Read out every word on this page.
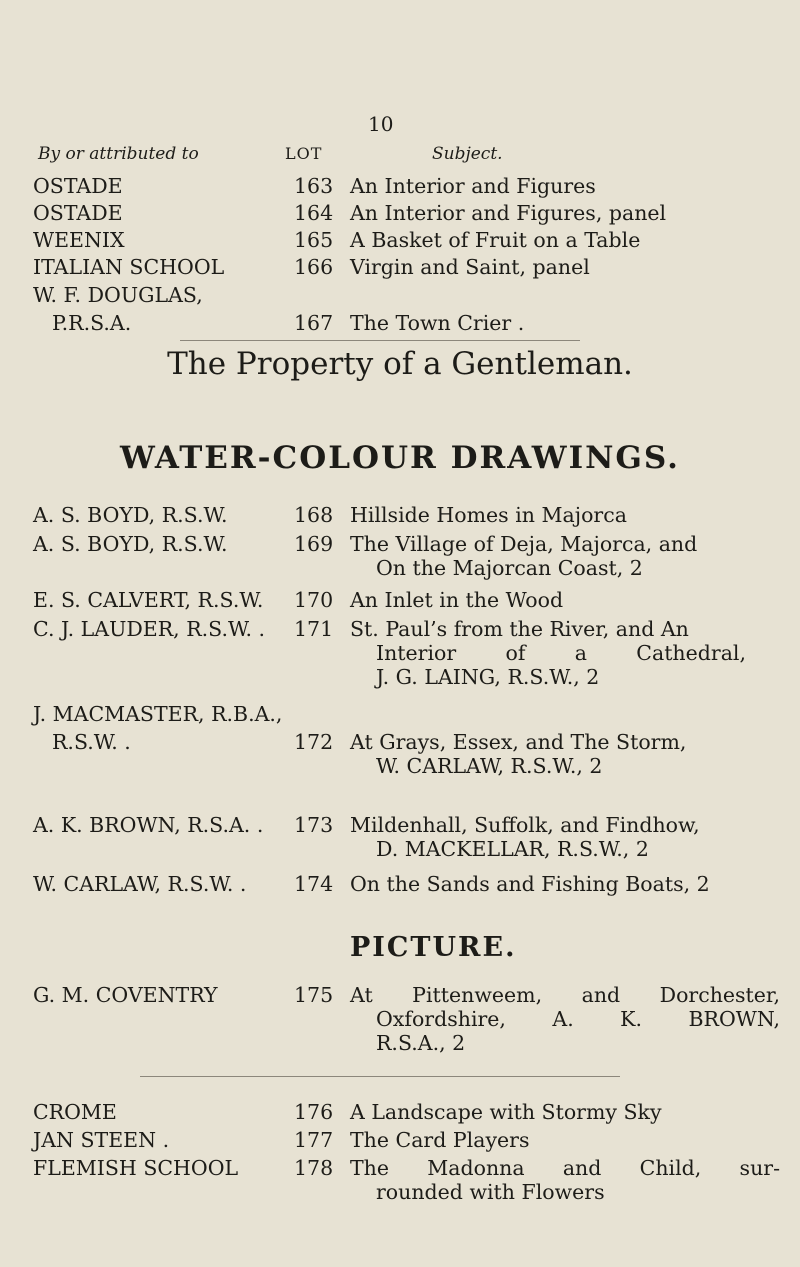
10
By or attributed to	LOT	Subject.
OSTADE	163 An Interior and Figures
OSTADE	164 An Interior and Figures, panel
WEENIX	165 A Basket of Fruit on a Table
ITALIAN SCHOOL	166 Virgin and Saint, panel
W. F. DOUGLAS,
P.R.S.A.	167 The Town Crier .
The Property of a Gentleman.
WATER-COLOUR DRAWINGS.
A. S. BOYD, R.S.W.	168 Hillside Homes in Majorca
A. S. BOYD, R.S.W.	169 The Village of Deja, Majorca, and
On the Majorcan Coast, 2
E. S. CALVERT, R.S.W. 170 An Inlet in the Wood
C. J. LAUDER, R.S.W. . 171 St. Paul’s from the River, and An
Interior of a Cathedral,
J. G. LAING, R.S.W., 2
J. MACMASTER, R.B.A.,
R.S.W. .	172 At Grays, Essex, and The Storm,
W. CARLAW, R.S.W., 2
A. K. BROWN, R.S.A. . 173 Mildenhall, Suffolk, and Findhow,
D. MACKELLAR, R.S.W., 2
W. CARLAW, R.S.W. . 174 On the Sands and Fishing Boats, 2
PICTURE.
G. M. COVENTRY	175 At Pittenweem, and Dorchester,
Oxfordshire, A. K. BROWN,
R.S.A., 2
CROME	176 A Landscape with Stormy Sky
JAN STEEN .	177 The Card Players
FLEMISH SCHOOL	178 The Madonna and Child, sur-
rounded with Flowers
